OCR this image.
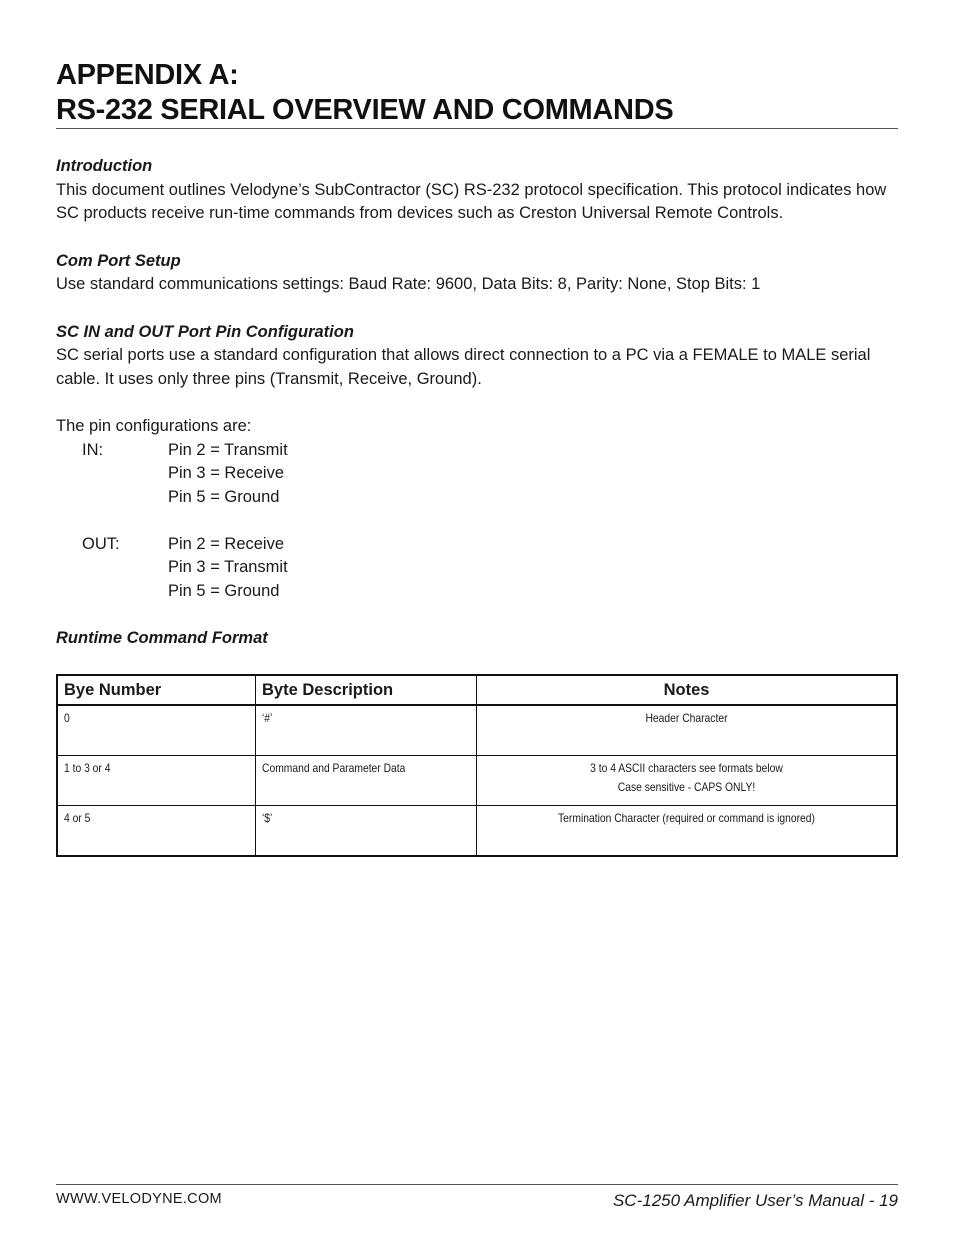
APPENDIX A:
RS-232 SERIAL OVERVIEW AND COMMANDS
Introduction

This document outlines Velodyne’s SubContractor (SC) RS-232 protocol specification. This protocol indicates how SC products receive run-time commands from devices such as Creston Universal Remote Controls.

Com Port Setup

Use standard communications settings: Baud Rate: 9600, Data Bits: 8, Parity: None, Stop Bits: 1

SC IN and OUT Port Pin Configuration

SC serial ports use a standard configuration that allows direct connection to a PC via a FEMALE to MALE serial cable. It uses only three pins (Transmit, Receive, Ground).

The pin configurations are:

IN:	Pin 2 = Transmit
Pin 3 = Receive
Pin 5 = Ground
OUT:	Pin 2 = Receive
Pin 3 = Transmit
Pin 5 = Ground
Runtime Command Format
Bye Number	Byte Description	Notes
0	‘#’	Header Character

1 to 3 or 4	Command and Parameter Data	3 to 4 ASCII characters see formats below
Case sensitive - CAPS ONLY!

4 or 5	‘$’	Termination Character (required or command is ignored)
WWW.VELODYNE.COM	SC-1250 Amplifier User’s Manual - 19
